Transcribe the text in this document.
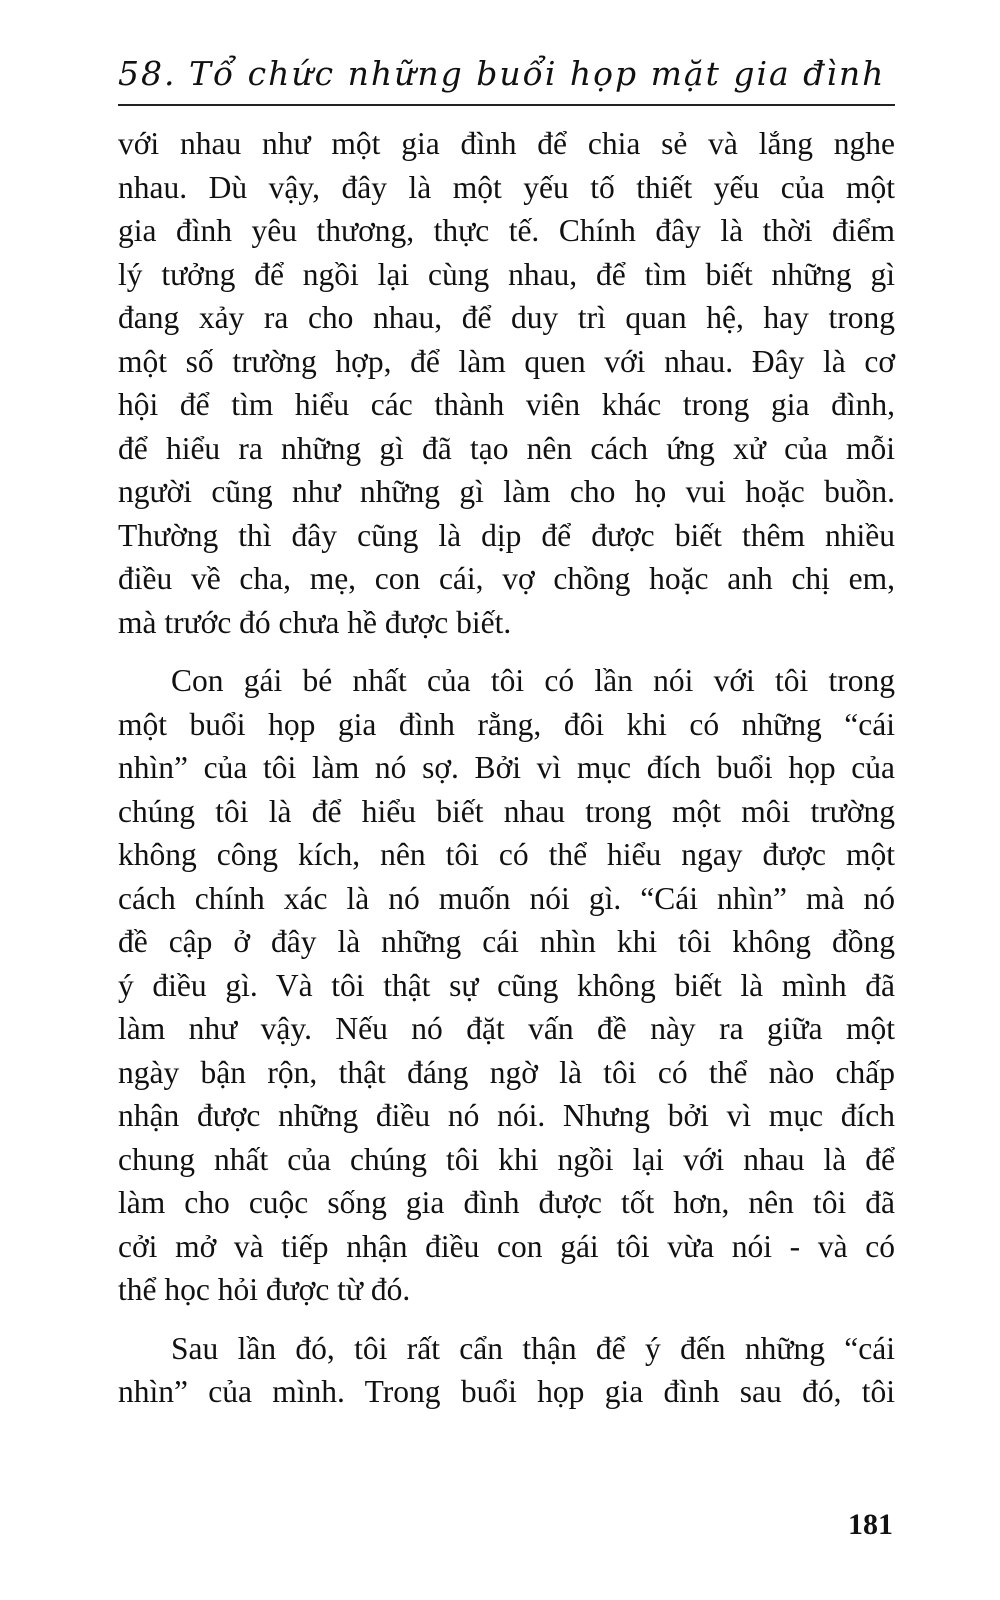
58. Tổ chức những buổi họp mặt gia đình
với nhau như một gia đình để chia sẻ và lắng nghe
nhau. Dù vậy, đây là một yếu tố thiết yếu của một
gia đình yêu thương, thực tế. Chính đây là thời điểm
lý tưởng để ngồi lại cùng nhau, để tìm biết những gì
đang xảy ra cho nhau, để duy trì quan hệ, hay trong
một số trường hợp, để làm quen với nhau. Đây là cơ
hội để tìm hiểu các thành viên khác trong gia đình,
để hiểu ra những gì đã tạo nên cách ứng xử của mỗi
người cũng như những gì làm cho họ vui hoặc buồn.
Thường thì đây cũng là dịp để được biết thêm nhiều
điều về cha, mẹ, con cái, vợ chồng hoặc anh chị em,
mà trước đó chưa hề được biết.
Con gái bé nhất của tôi có lần nói với tôi trong
một buổi họp gia đình rằng, đôi khi có những “cái
nhìn” của tôi làm nó sợ. Bởi vì mục đích buổi họp của
chúng tôi là để hiểu biết nhau trong một môi trường
không công kích, nên tôi có thể hiểu ngay được một
cách chính xác là nó muốn nói gì. “Cái nhìn” mà nó
đề cập ở đây là những cái nhìn khi tôi không đồng
ý điều gì. Và tôi thật sự cũng không biết là mình đã
làm như vậy. Nếu nó đặt vấn đề này ra giữa một
ngày bận rộn, thật đáng ngờ là tôi có thể nào chấp
nhận được những điều nó nói. Nhưng bởi vì mục đích
chung nhất của chúng tôi khi ngồi lại với nhau là để
làm cho cuộc sống gia đình được tốt hơn, nên tôi đã
cởi mở và tiếp nhận điều con gái tôi vừa nói - và có
thể học hỏi được từ đó.
Sau lần đó, tôi rất cẩn thận để ý đến những “cái
nhìn” của mình. Trong buổi họp gia đình sau đó, tôi
181
